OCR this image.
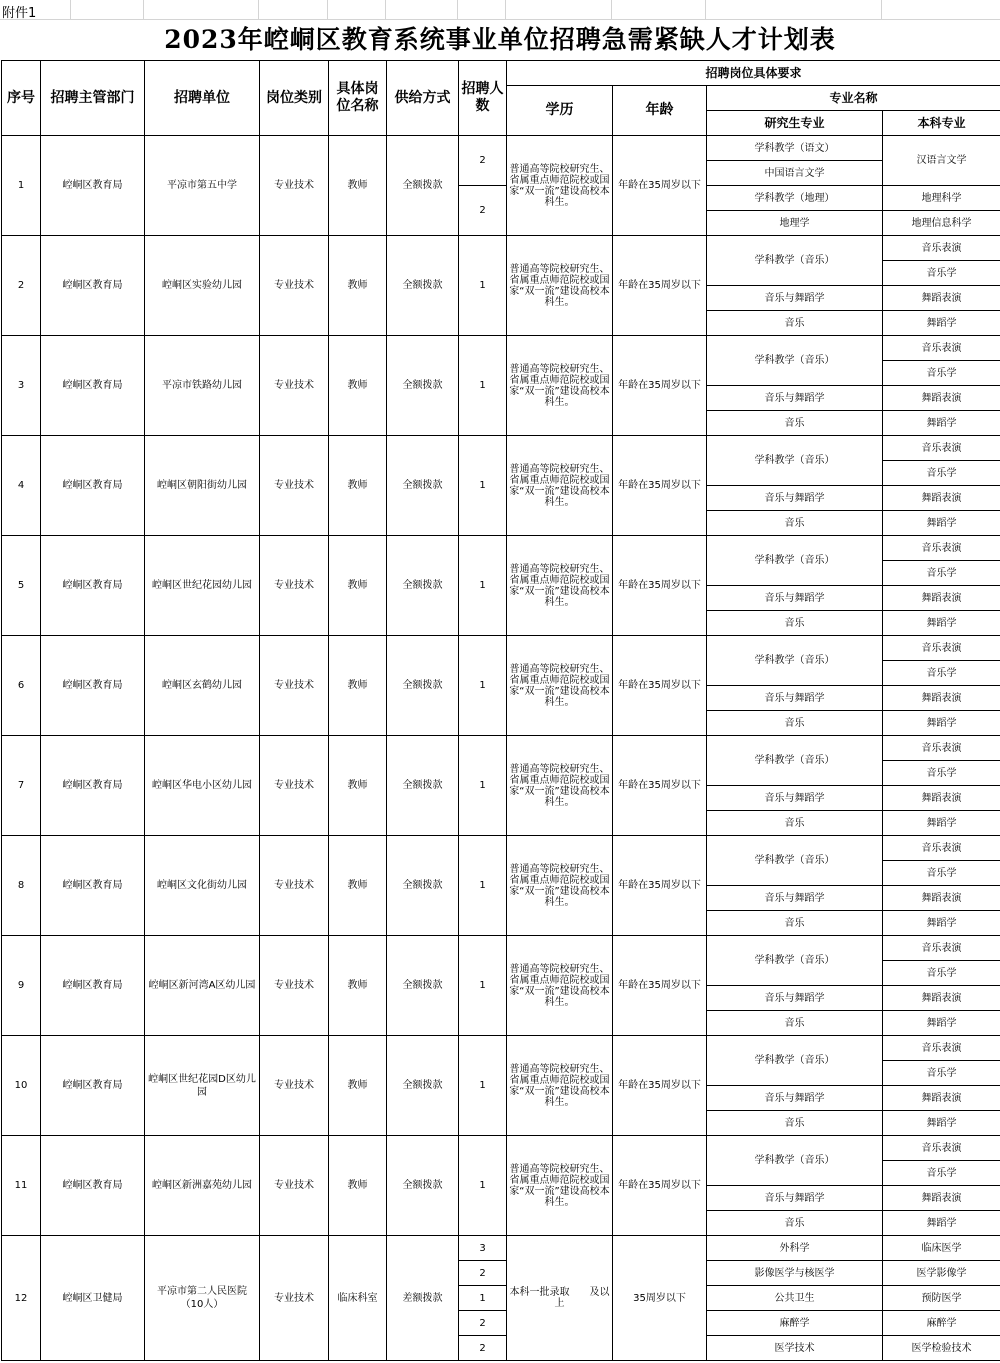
附件1
2023年崆峒区教育系统事业单位招聘急需紧缺人才计划表
序号	招聘主管部门	招聘单位	岗位类别	具体岗位名称	供给方式	招聘人数	招聘岗位具体要求			
							学历	年龄	专业名称	
									研究生专业	本科专业
1	崆峒区教育局	平凉市第五中学	专业技术	教师	全额拨款	2	普通高等院校研究生、省属重点师范院校或国家“双一流”建设高校本科生。	年龄在35周岁以下	学科教学（语文）	汉语言文学
									中国语言文学	
						2			学科教学（地理）	地理科学
									地理学	地理信息科学
2	崆峒区教育局	崆峒区实验幼儿园	专业技术	教师	全额拨款	1	普通高等院校研究生、省属重点师范院校或国家“双一流”建设高校本科生。	年龄在35周岁以下	学科教学（音乐）	音乐表演
										音乐学
									音乐与舞蹈学	舞蹈表演
									音乐	舞蹈学
3	崆峒区教育局	平凉市铁路幼儿园	专业技术	教师	全额拨款	1	普通高等院校研究生、省属重点师范院校或国家“双一流”建设高校本科生。	年龄在35周岁以下	学科教学（音乐）	音乐表演
										音乐学
									音乐与舞蹈学	舞蹈表演
									音乐	舞蹈学
4	崆峒区教育局	崆峒区朝阳街幼儿园	专业技术	教师	全额拨款	1	普通高等院校研究生、省属重点师范院校或国家“双一流”建设高校本科生。	年龄在35周岁以下	学科教学（音乐）	音乐表演
										音乐学
									音乐与舞蹈学	舞蹈表演
									音乐	舞蹈学
5	崆峒区教育局	崆峒区世纪花园幼儿园	专业技术	教师	全额拨款	1	普通高等院校研究生、省属重点师范院校或国家“双一流”建设高校本科生。	年龄在35周岁以下	学科教学（音乐）	音乐表演
										音乐学
									音乐与舞蹈学	舞蹈表演
									音乐	舞蹈学
6	崆峒区教育局	崆峒区玄鹤幼儿园	专业技术	教师	全额拨款	1	普通高等院校研究生、省属重点师范院校或国家“双一流”建设高校本科生。	年龄在35周岁以下	学科教学（音乐）	音乐表演
										音乐学
									音乐与舞蹈学	舞蹈表演
									音乐	舞蹈学
7	崆峒区教育局	崆峒区华电小区幼儿园	专业技术	教师	全额拨款	1	普通高等院校研究生、省属重点师范院校或国家“双一流”建设高校本科生。	年龄在35周岁以下	学科教学（音乐）	音乐表演
										音乐学
									音乐与舞蹈学	舞蹈表演
									音乐	舞蹈学
8	崆峒区教育局	崆峒区文化街幼儿园	专业技术	教师	全额拨款	1	普通高等院校研究生、省属重点师范院校或国家“双一流”建设高校本科生。	年龄在35周岁以下	学科教学（音乐）	音乐表演
										音乐学
									音乐与舞蹈学	舞蹈表演
									音乐	舞蹈学
9	崆峒区教育局	崆峒区新河湾A区幼儿园	专业技术	教师	全额拨款	1	普通高等院校研究生、省属重点师范院校或国家“双一流”建设高校本科生。	年龄在35周岁以下	学科教学（音乐）	音乐表演
										音乐学
									音乐与舞蹈学	舞蹈表演
									音乐	舞蹈学
10	崆峒区教育局	崆峒区世纪花园D区幼儿园	专业技术	教师	全额拨款	1	普通高等院校研究生、省属重点师范院校或国家“双一流”建设高校本科生。	年龄在35周岁以下	学科教学（音乐）	音乐表演
										音乐学
									音乐与舞蹈学	舞蹈表演
									音乐	舞蹈学
11	崆峒区教育局	崆峒区新洲嘉苑幼儿园	专业技术	教师	全额拨款	1	普通高等院校研究生、省属重点师范院校或国家“双一流”建设高校本科生。	年龄在35周岁以下	学科教学（音乐）	音乐表演
										音乐学
									音乐与舞蹈学	舞蹈表演
									音乐	舞蹈学
12	崆峒区卫健局	平凉市第二人民医院（10人）	专业技术	临床科室	差额拨款	3	本科一批录取　　及以上	35周岁以下	外科学	临床医学
						2			影像医学与核医学	医学影像学
						1			公共卫生	预防医学
						2			麻醉学	麻醉学
						2			医学技术	医学检验技术
